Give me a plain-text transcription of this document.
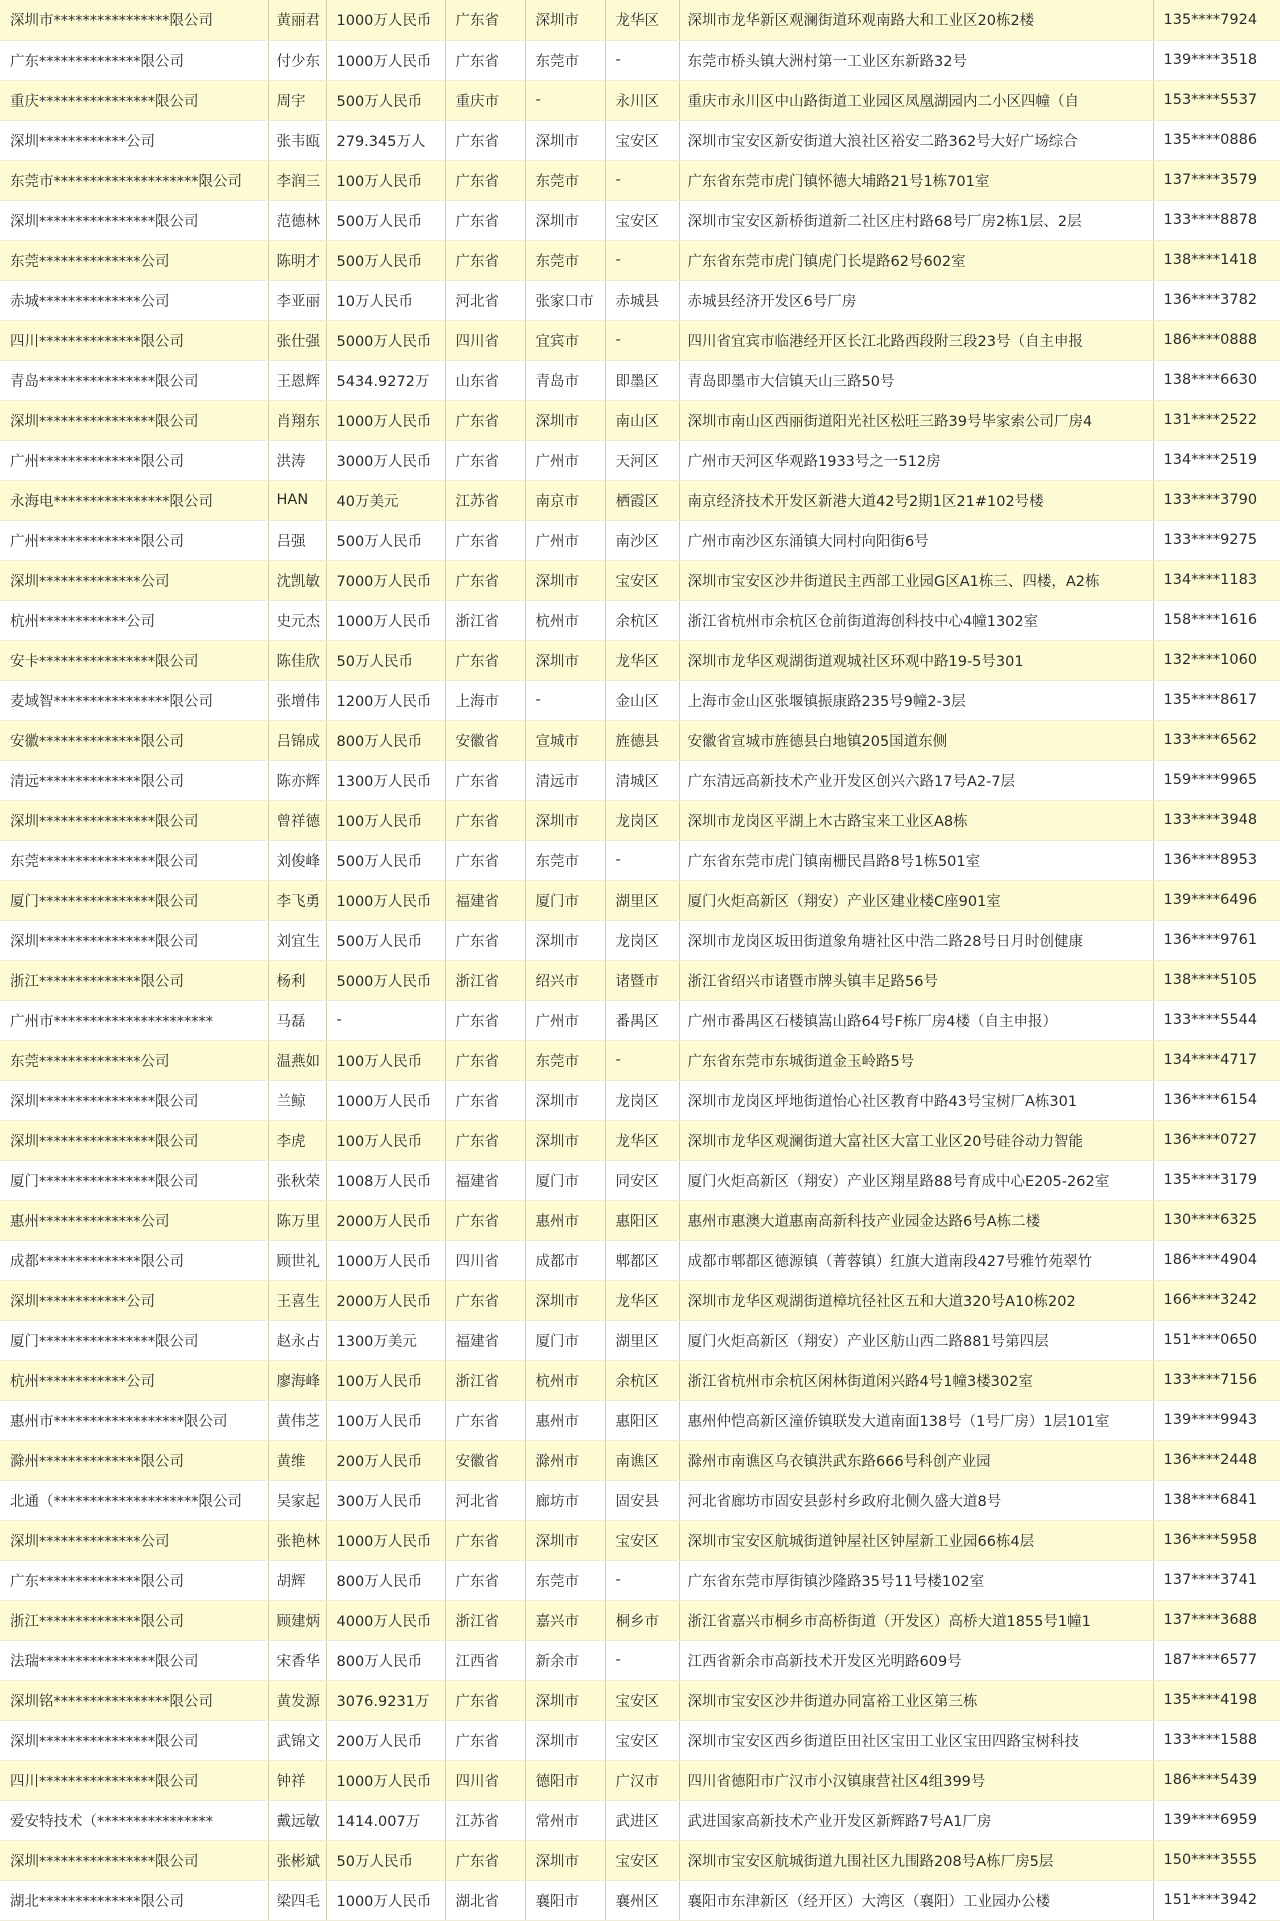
深圳市****************限公司	黄丽君	1000万人民币	广东省	深圳市	龙华区	深圳市龙华新区观澜街道环观南路大和工业区20栋2楼	135****7924
广东**************限公司	付少东	1000万人民币	广东省	东莞市	-	东莞市桥头镇大洲村第一工业区东新路32号	139****3518
重庆****************限公司	周宇	500万人民币	重庆市	-	永川区	重庆市永川区中山路街道工业园区凤凰湖园内二小区四幢（自	153****5537
深圳************公司	张韦瓯	279.345万人	广东省	深圳市	宝安区	深圳市宝安区新安街道大浪社区裕安二路362号大好广场综合	135****0886
东莞市********************限公司	李润三	100万人民币	广东省	东莞市	-	广东省东莞市虎门镇怀德大埔路21号1栋701室	137****3579
深圳****************限公司	范德林	500万人民币	广东省	深圳市	宝安区	深圳市宝安区新桥街道新二社区庄村路68号厂房2栋1层、2层	133****8878
东莞**************公司	陈明才	500万人民币	广东省	东莞市	-	广东省东莞市虎门镇虎门长堤路62号602室	138****1418
赤城**************公司	李亚丽	10万人民币	河北省	张家口市	赤城县	赤城县经济开发区6号厂房	136****3782
四川**************限公司	张仕强	5000万人民币	四川省	宜宾市	-	四川省宜宾市临港经开区长江北路西段附三段23号（自主申报	186****0888
青岛****************限公司	王恩辉	5434.9272万	山东省	青岛市	即墨区	青岛即墨市大信镇天山三路50号	138****6630
深圳****************限公司	肖翔东	1000万人民币	广东省	深圳市	南山区	深圳市南山区西丽街道阳光社区松旺三路39号毕家索公司厂房4	131****2522
广州**************限公司	洪涛	3000万人民币	广东省	广州市	天河区	广州市天河区华观路1933号之一512房	134****2519
永海电****************限公司	HAN	40万美元	江苏省	南京市	栖霞区	南京经济技术开发区新港大道42号2期1区21#102号楼	133****3790
广州**************限公司	吕强	500万人民币	广东省	广州市	南沙区	广州市南沙区东涌镇大同村向阳街6号	133****9275
深圳**************公司	沈凯敏	7000万人民币	广东省	深圳市	宝安区	深圳市宝安区沙井街道民主西部工业园G区A1栋三、四楼，A2栋	134****1183
杭州************公司	史元杰	1000万人民币	浙江省	杭州市	余杭区	浙江省杭州市余杭区仓前街道海创科技中心4幢1302室	158****1616
安卡****************限公司	陈佳欣	50万人民币	广东省	深圳市	龙华区	深圳市龙华区观湖街道观城社区环观中路19-5号301	132****1060
麦域智****************限公司	张增伟	1200万人民币	上海市	-	金山区	上海市金山区张堰镇振康路235号9幢2-3层	135****8617
安徽**************限公司	吕锦成	800万人民币	安徽省	宣城市	旌德县	安徽省宣城市旌德县白地镇205国道东侧	133****6562
清远**************限公司	陈亦辉	1300万人民币	广东省	清远市	清城区	广东清远高新技术产业开发区创兴六路17号A2-7层	159****9965
深圳****************限公司	曾祥德	100万人民币	广东省	深圳市	龙岗区	深圳市龙岗区平湖上木古路宝来工业区A8栋	133****3948
东莞****************限公司	刘俊峰	500万人民币	广东省	东莞市	-	广东省东莞市虎门镇南栅民昌路8号1栋501室	136****8953
厦门****************限公司	李飞勇	1000万人民币	福建省	厦门市	湖里区	厦门火炬高新区（翔安）产业区建业楼C座901室	139****6496
深圳****************限公司	刘宜生	500万人民币	广东省	深圳市	龙岗区	深圳市龙岗区坂田街道象角塘社区中浩二路28号日月时创健康	136****9761
浙江**************限公司	杨利	5000万人民币	浙江省	绍兴市	诸暨市	浙江省绍兴市诸暨市牌头镇丰足路56号	138****5105
广州市**********************	马磊	-	广东省	广州市	番禺区	广州市番禺区石楼镇嵩山路64号F栋厂房4楼（自主申报）	133****5544
东莞**************公司	温燕如	100万人民币	广东省	东莞市	-	广东省东莞市东城街道金玉岭路5号	134****4717
深圳****************限公司	兰鲸	1000万人民币	广东省	深圳市	龙岗区	深圳市龙岗区坪地街道怡心社区教育中路43号宝树厂A栋301	136****6154
深圳****************限公司	李虎	100万人民币	广东省	深圳市	龙华区	深圳市龙华区观澜街道大富社区大富工业区20号硅谷动力智能	136****0727
厦门****************限公司	张秋荣	1008万人民币	福建省	厦门市	同安区	厦门火炬高新区（翔安）产业区翔星路88号育成中心E205-262室	135****3179
惠州**************公司	陈万里	2000万人民币	广东省	惠州市	惠阳区	惠州市惠澳大道惠南高新科技产业园金达路6号A栋二楼	130****6325
成都**************限公司	顾世礼	1000万人民币	四川省	成都市	郫都区	成都市郫都区德源镇（菁蓉镇）红旗大道南段427号雅竹苑翠竹	186****4904
深圳************公司	王喜生	2000万人民币	广东省	深圳市	龙华区	深圳市龙华区观湖街道樟坑径社区五和大道320号A10栋202	166****3242
厦门****************限公司	赵永占	1300万美元	福建省	厦门市	湖里区	厦门火炬高新区（翔安）产业区舫山西二路881号第四层	151****0650
杭州************公司	廖海峰	100万人民币	浙江省	杭州市	余杭区	浙江省杭州市余杭区闲林街道闲兴路4号1幢3楼302室	133****7156
惠州市******************限公司	黄伟芝	100万人民币	广东省	惠州市	惠阳区	惠州仲恺高新区潼侨镇联发大道南面138号（1号厂房）1层101室	139****9943
滁州**************限公司	黄维	200万人民币	安徽省	滁州市	南谯区	滁州市南谯区乌衣镇洪武东路666号科创产业园	136****2448
北通（********************限公司	吴家起	300万人民币	河北省	廊坊市	固安县	河北省廊坊市固安县彭村乡政府北侧久盛大道8号	138****6841
深圳**************公司	张艳林	1000万人民币	广东省	深圳市	宝安区	深圳市宝安区航城街道钟屋社区钟屋新工业园66栋4层	136****5958
广东**************限公司	胡辉	800万人民币	广东省	东莞市	-	广东省东莞市厚街镇沙隆路35号11号楼102室	137****3741
浙江**************限公司	顾建炳	4000万人民币	浙江省	嘉兴市	桐乡市	浙江省嘉兴市桐乡市高桥街道（开发区）高桥大道1855号1幢1	137****3688
法瑞****************限公司	宋香华	800万人民币	江西省	新余市	-	江西省新余市高新技术开发区光明路609号	187****6577
深圳铭****************限公司	黄发源	3076.9231万	广东省	深圳市	宝安区	深圳市宝安区沙井街道办同富裕工业区第三栋	135****4198
深圳****************限公司	武锦文	200万人民币	广东省	深圳市	宝安区	深圳市宝安区西乡街道臣田社区宝田工业区宝田四路宝树科技	133****1588
四川****************限公司	钟祥	1000万人民币	四川省	德阳市	广汉市	四川省德阳市广汉市小汉镇康营社区4组399号	186****5439
爱安特技术（****************	戴远敏	1414.007万	江苏省	常州市	武进区	武进国家高新技术产业开发区新辉路7号A1厂房	139****6959
深圳****************限公司	张彬斌	50万人民币	广东省	深圳市	宝安区	深圳市宝安区航城街道九围社区九围路208号A栋厂房5层	150****3555
湖北**************限公司	梁四毛	1000万人民币	湖北省	襄阳市	襄州区	襄阳市东津新区（经开区）大湾区（襄阳）工业园办公楼	151****3942
